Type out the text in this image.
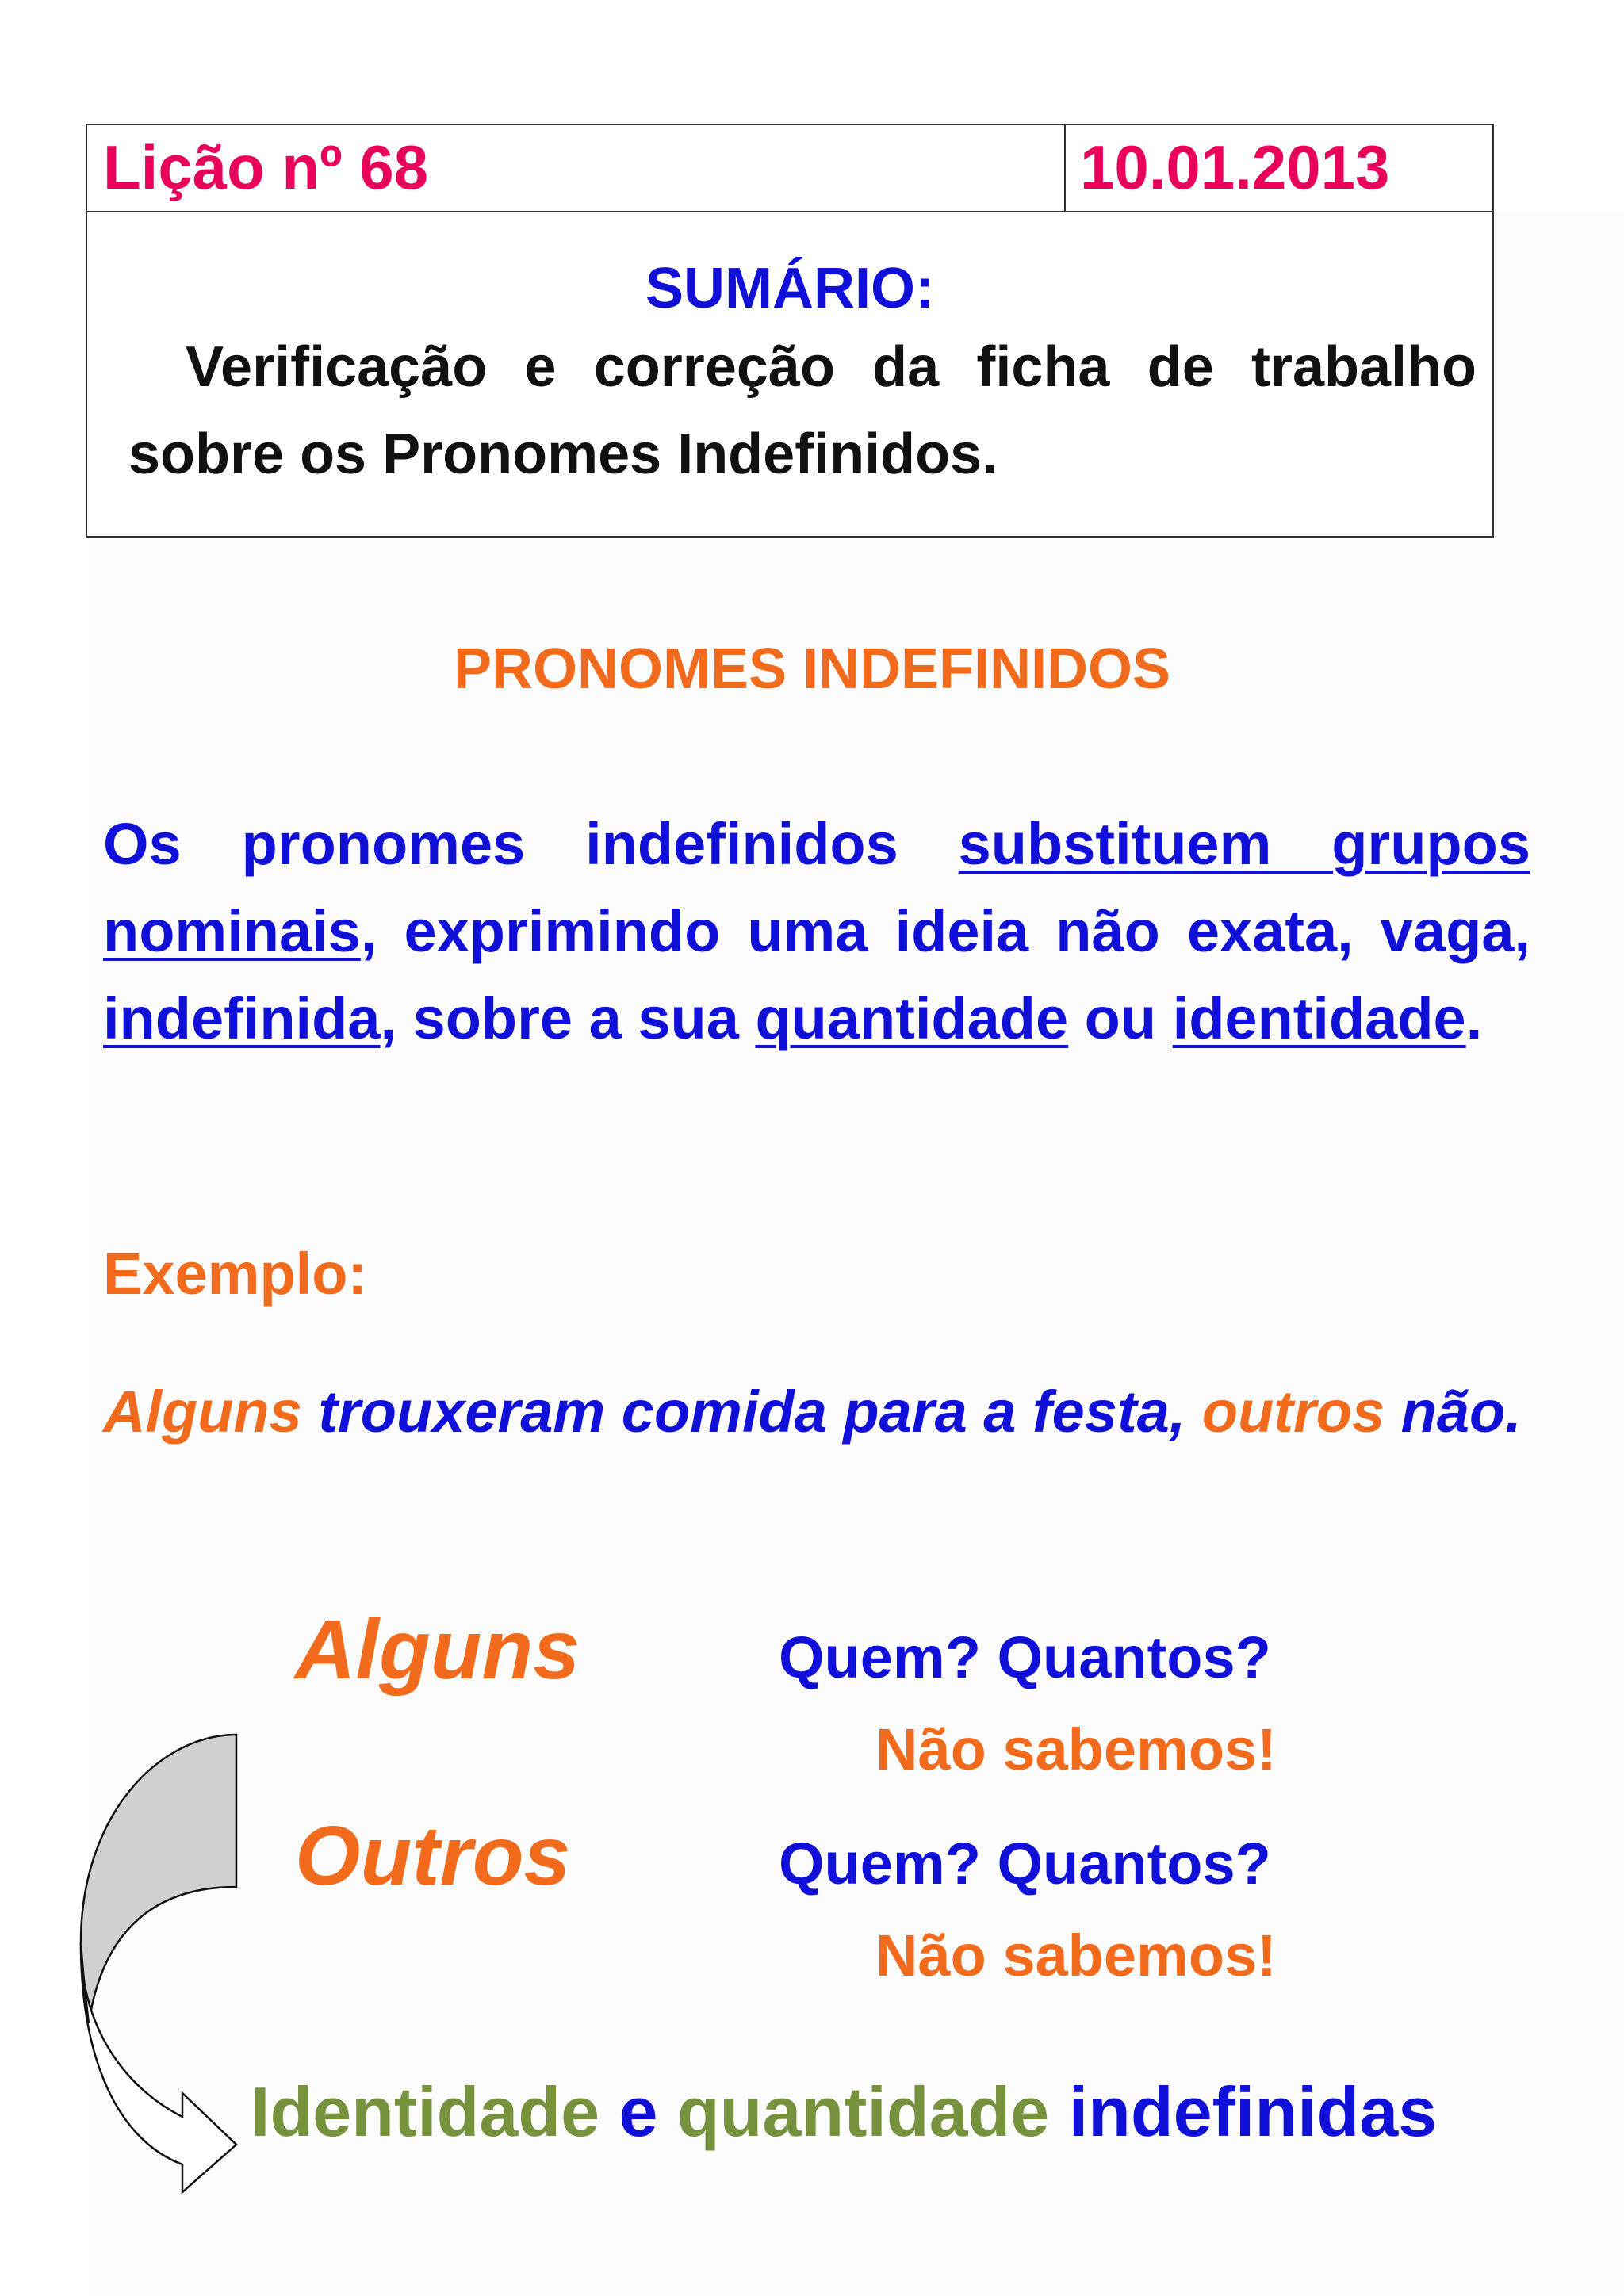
Lição nº 68	10.01.2013
SUMÁRIO:
Verificação e correção da ficha de trabalho sobre os Pronomes Indefinidos.
PRONOMES INDEFINIDOS
Os pronomes indefinidos substituem grupos nominais, exprimindo uma ideia não exata, vaga, indefinida, sobre a sua quantidade ou identidade.
Exemplo:
Alguns trouxeram comida para a festa, outros não.
Alguns	Quem? Quantos?
Não sabemos!
Outros	Quem? Quantos?
Não sabemos!
Identidade e quantidade indefinidas
